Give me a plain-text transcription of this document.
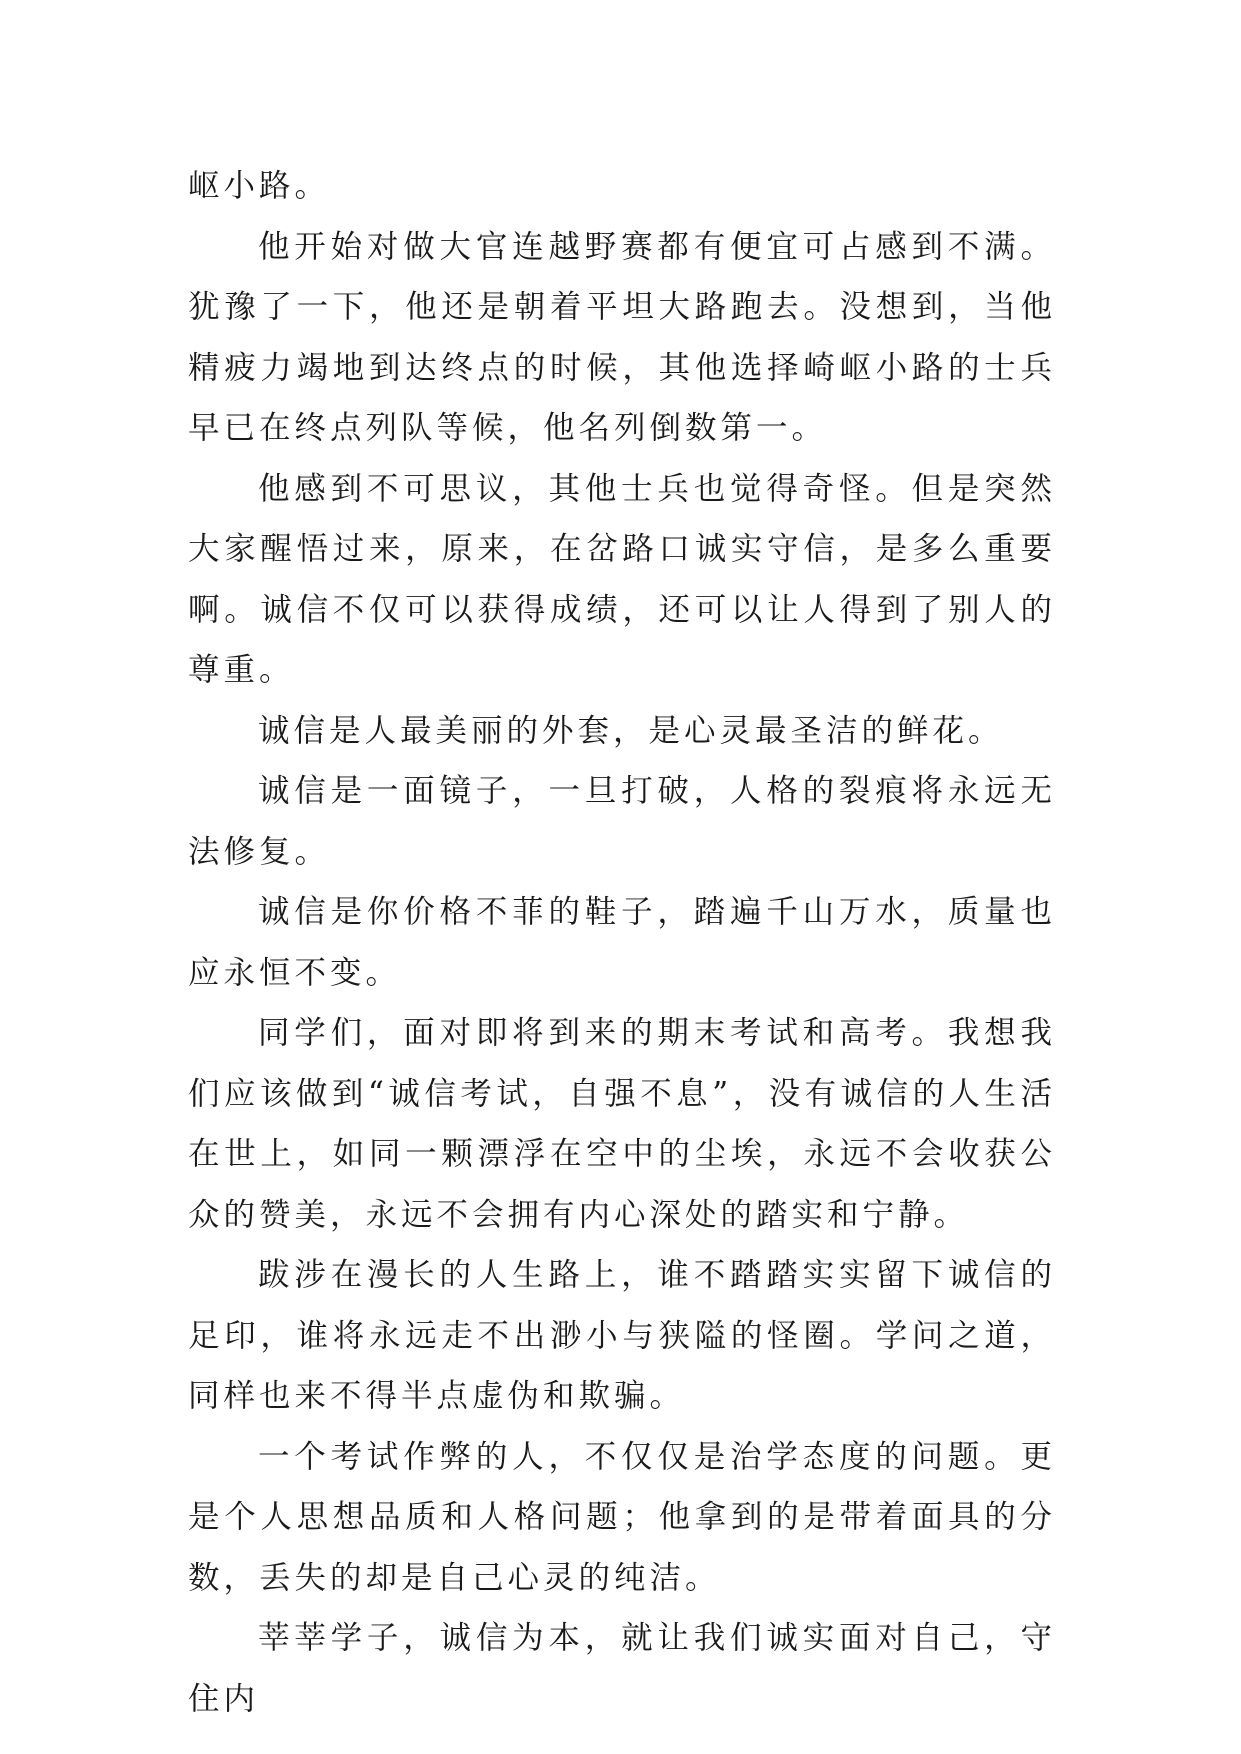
岖小路。

他开始对做大官连越野赛都有便宜可占感到不满。犹豫了一下，他还是朝着平坦大路跑去。没想到，当他精疲力竭地到达终点的时候，其他选择崎岖小路的士兵早已在终点列队等候，他名列倒数第一。

他感到不可思议，其他士兵也觉得奇怪。但是突然大家醒悟过来，原来，在岔路口诚实守信，是多么重要啊。诚信不仅可以获得成绩，还可以让人得到了别人的尊重。

诚信是人最美丽的外套，是心灵最圣洁的鲜花。

诚信是一面镜子，一旦打破，人格的裂痕将永远无法修复。

诚信是你价格不菲的鞋子，踏遍千山万水，质量也应永恒不变。

同学们，面对即将到来的期末考试和高考。我想我们应该做到“诚信考试，自强不息”，没有诚信的人生活在世上，如同一颗漂浮在空中的尘埃，永远不会收获公众的赞美，永远不会拥有内心深处的踏实和宁静。

跋涉在漫长的人生路上，谁不踏踏实实留下诚信的足印，谁将永远走不出渺小与狭隘的怪圈。学问之道，同样也来不得半点虚伪和欺骗。

一个考试作弊的人，不仅仅是治学态度的问题。更是个人思想品质和人格问题；他拿到的是带着面具的分数，丢失的却是自己心灵的纯洁。

莘莘学子，诚信为本，就让我们诚实面对自己，守住内
